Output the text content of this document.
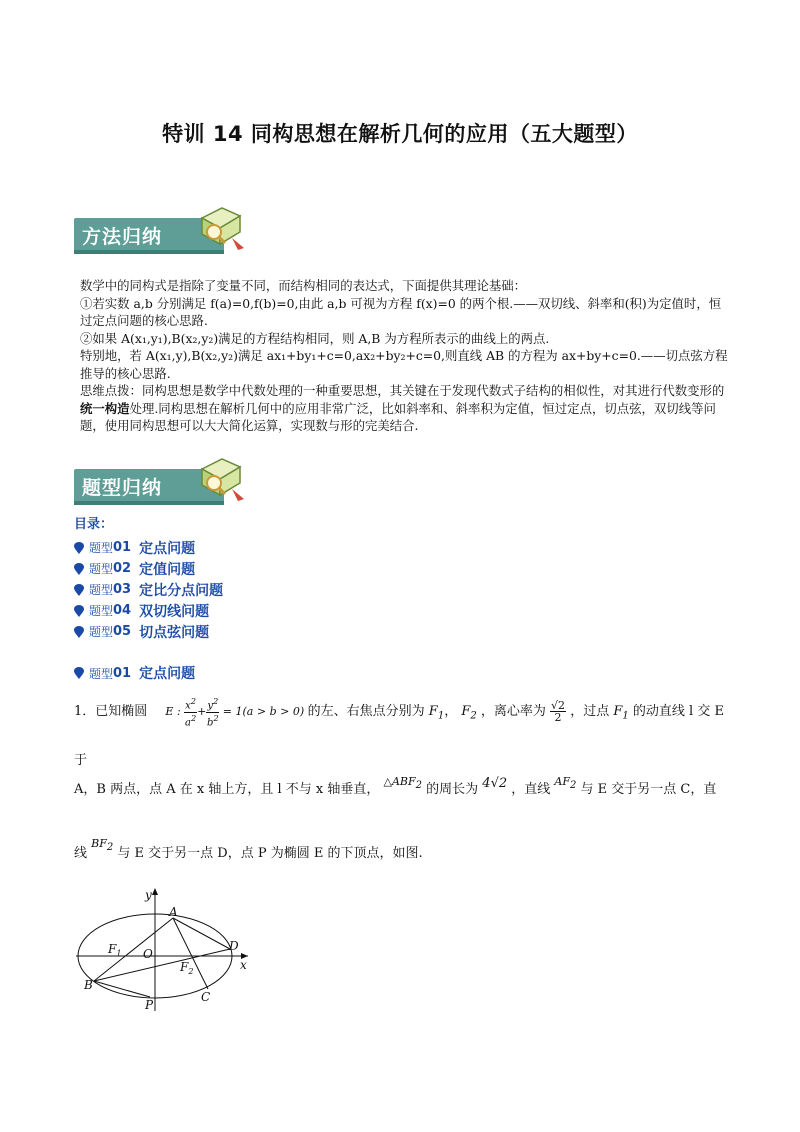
特训 14 同构思想在解析几何的应用（五大题型）
方法归纳

数学中的同构式是指除了变量不同，而结构相同的表达式，下面提供其理论基础：

①若实数 a,b 分别满足 f(a)=0,f(b)=0,由此 a,b 可视为方程 f(x)=0 的两个根.——双切线、斜率和(积)为定值时，恒过定点问题的核心思路.

②如果 A(x₁,y₁),B(x₂,y₂)满足的方程结构相同，则 A,B 为方程所表示的曲线上的两点.

特别地，若 A(x₁,y),B(x₂,y₂)满足 ax₁+by₁+c=0,ax₂+by₂+c=0,则直线 AB 的方程为 ax+by+c=0.——切点弦方程推导的核心思路.

思维点拨：同构思想是数学中代数处理的一种重要思想，其关键在于发现代数式子结构的相似性，对其进行代数变形的统一构造处理.同构思想在解析几何中的应用非常广泛，比如斜率和、斜率积为定值，恒过定点，切点弦，双切线等问题，使用同构思想可以大大简化运算，实现数与形的完美结合.

题型归纳
目录：
题型 01 定点问题
题型 02 定值问题
题型 03 定比分点问题
题型 04 双切线问题
题型 05 切点弦问题
题型 01 定点问题
1．已知椭圆 E : $\frac{x^2}{a^2} + \frac{y^2}{b^2} = 1(a > b > 0)$ 的左、右焦点分别为 $F_1$， $F_2$ ，离心率为 $\frac{√2}{2}$ ，过点 $F_1$ 的动直线 l 交 E 于
A，B 两点，点 A 在 x 轴上方，且 l 不与 x 轴垂直， $^{\triangle ABF_2}$ 的周长为 4√2 ，直线 $^{AF_2}$ 与 E 交于另一点 C，直
线 $^{BF_2}$ 与 E 交于另一点 D，点 P 为椭圆 E 的下顶点，如图.
y
x
A
B
C
D
O
P
$F_1$
$F_2$
